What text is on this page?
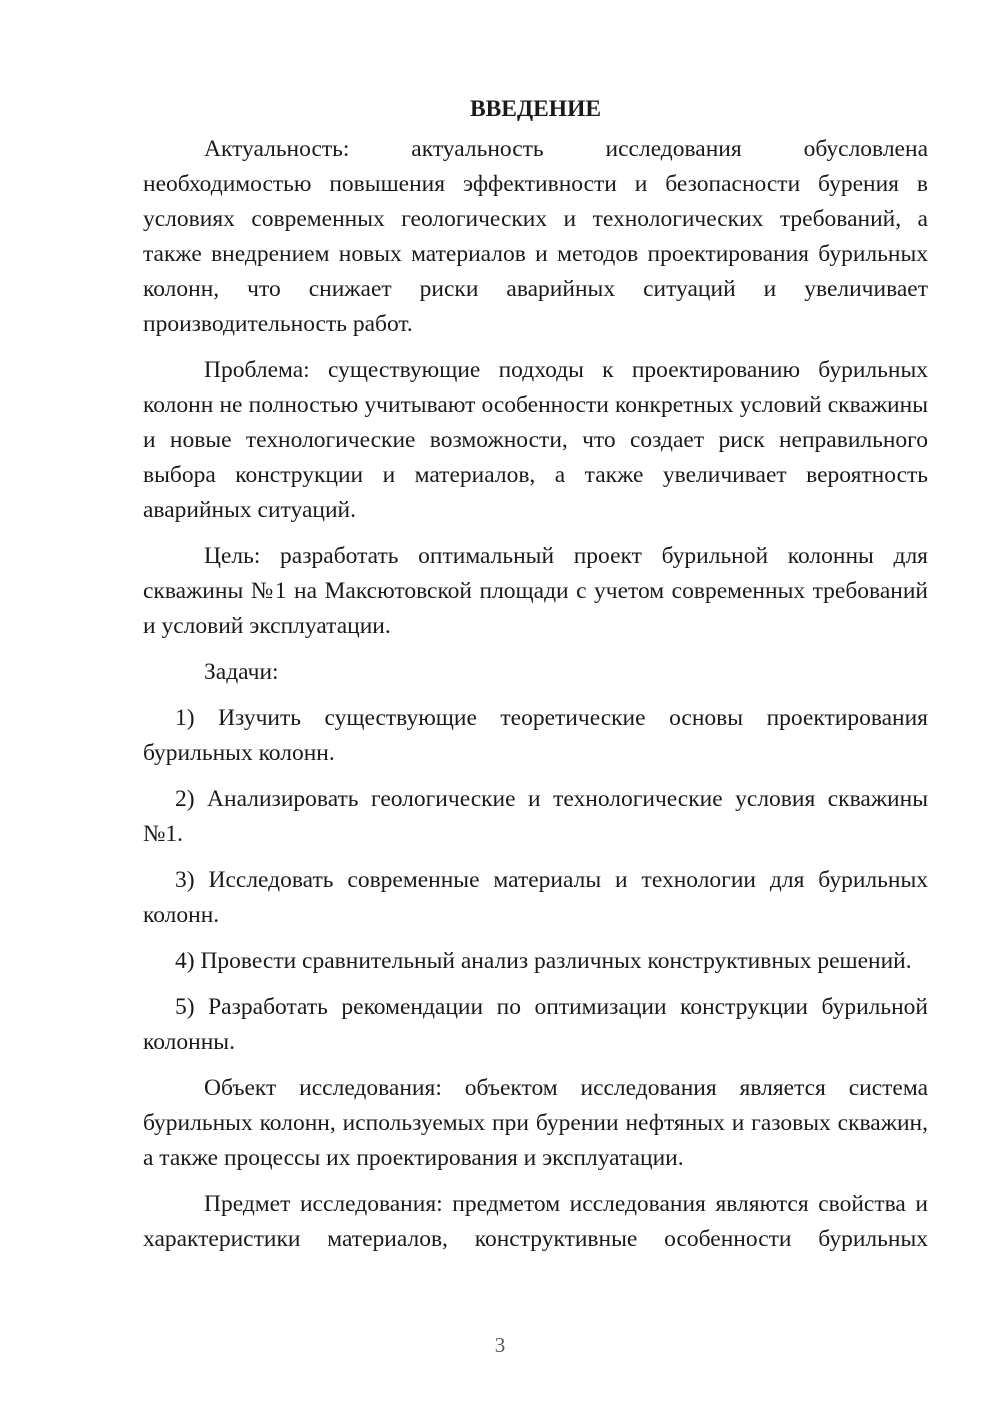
ВВЕДЕНИЕ

Актуальность: актуальность исследования обусловлена необходимостью повышения эффективности и безопасности бурения в условиях современных геологических и технологических требований, а также внедрением новых материалов и методов проектирования бурильных колонн, что снижает риски аварийных ситуаций и увеличивает производительность работ.

Проблема: существующие подходы к проектированию бурильных колонн не полностью учитывают особенности конкретных условий скважины и новые технологические возможности, что создает риск неправильного выбора конструкции и материалов, а также увеличивает вероятность аварийных ситуаций.

Цель: разработать оптимальный проект бурильной колонны для скважины №1 на Максютовской площади с учетом современных требований и условий эксплуатации.

Задачи:

1) Изучить существующие теоретические основы проектирования бурильных колонн.

2) Анализировать геологические и технологические условия скважины №1.

3) Исследовать современные материалы и технологии для бурильных колонн.

4) Провести сравнительный анализ различных конструктивных решений.

5) Разработать рекомендации по оптимизации конструкции бурильной колонны.

Объект исследования: объектом исследования является система бурильных колонн, используемых при бурении нефтяных и газовых скважин, а также процессы их проектирования и эксплуатации.

Предмет исследования: предметом исследования являются свойства и характеристики материалов, конструктивные особенности бурильных

3
